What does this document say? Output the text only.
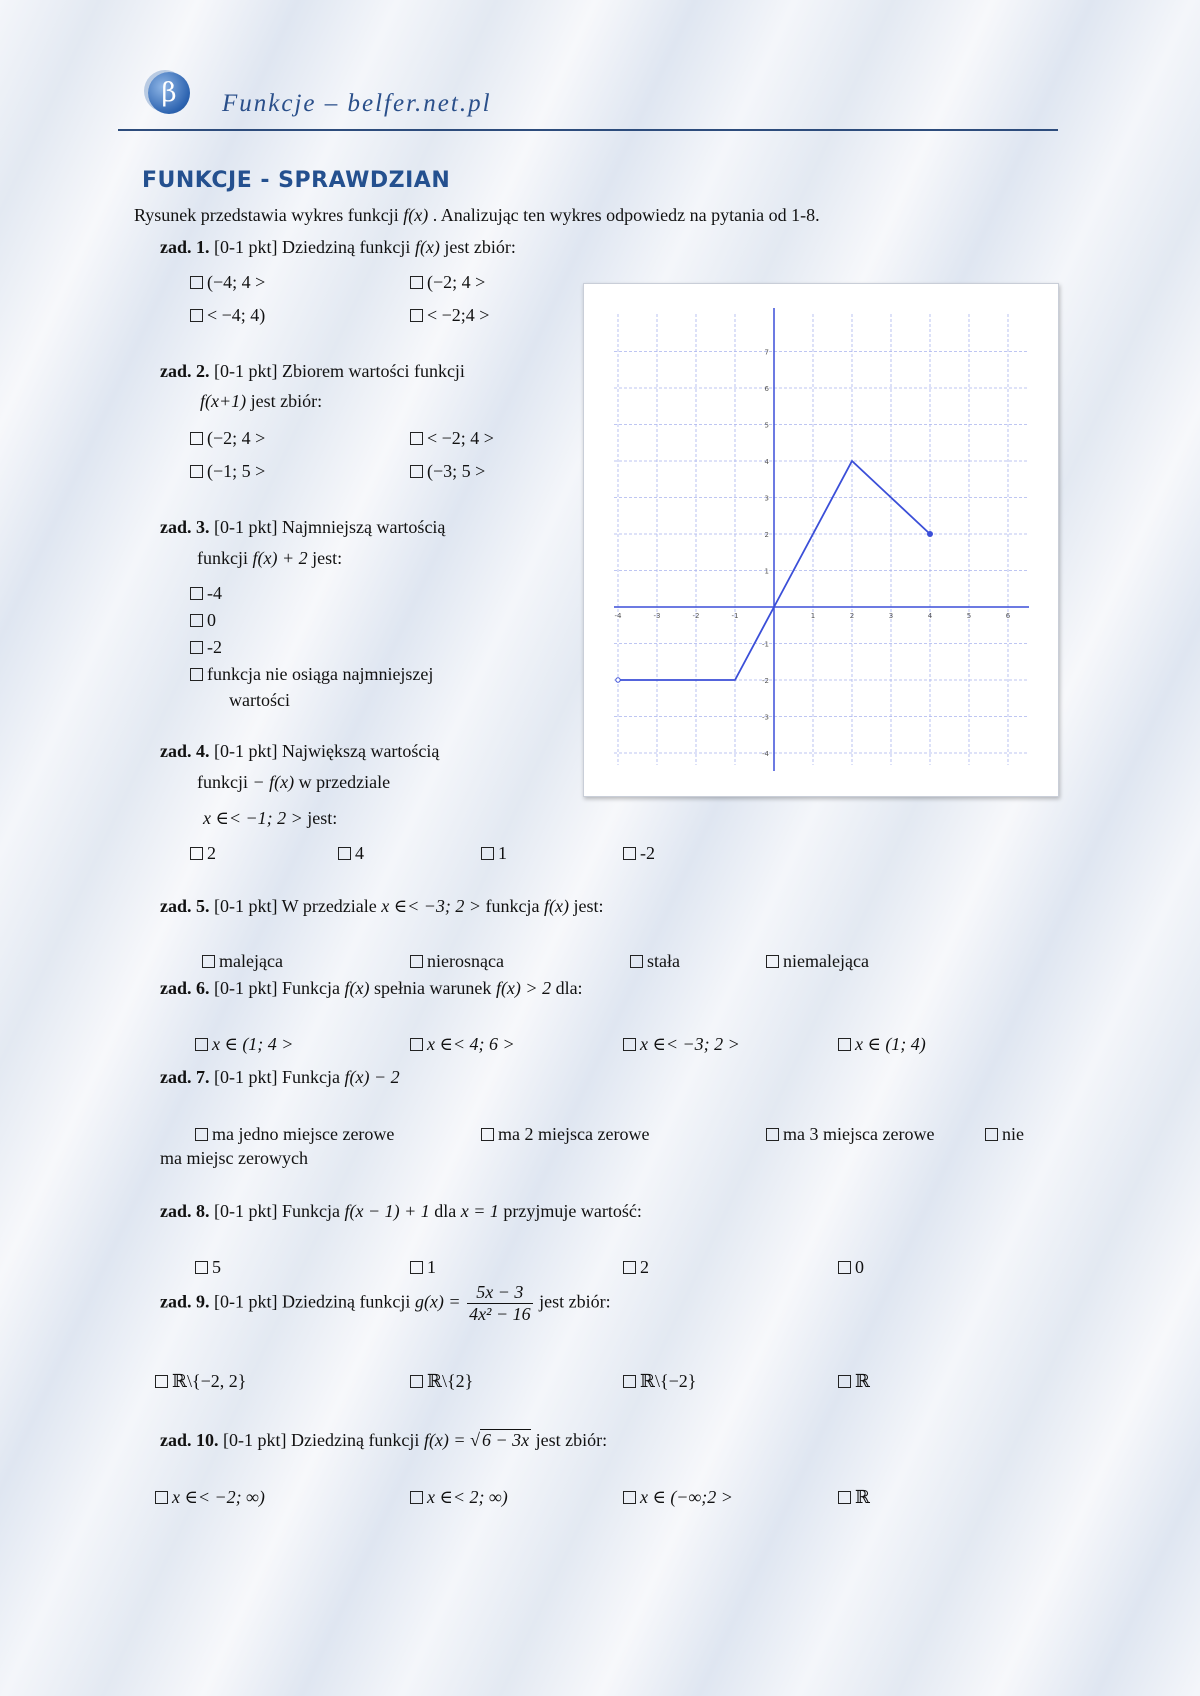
β	Funkcje – belfer.net.pl
FUNKCJE - SPRAWDZIAN
Rysunek przedstawia wykres funkcji f(x) . Analizując ten wykres odpowiedz na pytania od 1-8.
zad. 1. [0-1 pkt] Dziedziną funkcji f(x) jest zbiór:
(−4; 4 >	(−2; 4 >
< −4; 4)	< −2;4 >
zad. 2. [0-1 pkt] Zbiorem wartości funkcji
f(x+1) jest zbiór:
(−2; 4 >	< −2; 4 >
(−1; 5 >	(−3; 5 >
zad. 3. [0-1 pkt] Najmniejszą wartością
funkcji f(x) + 2 jest:
-4
0
-2
funkcja nie osiąga najmniejszej
wartości
zad. 4. [0-1 pkt] Największą wartością
funkcji − f(x) w przedziale
x ∈< −1; 2 > jest:
2	4	1	-2
zad. 5. [0-1 pkt] W przedziale x ∈< −3; 2 > funkcja f(x) jest:
malejąca	nierosnąca	stała	niemalejąca
zad. 6. [0-1 pkt] Funkcja f(x) spełnia warunek f(x) > 2 dla:
x ∈ (1; 4 >	x ∈< 4; 6 >	x ∈< −3; 2 >	x ∈ (1; 4)
zad. 7. [0-1 pkt] Funkcja f(x) − 2
ma jedno miejsce zerowe	ma 2 miejsca zerowe	ma 3 miejsca zerowe	nie
ma miejsc zerowych
zad. 8. [0-1 pkt] Funkcja f(x − 1) + 1 dla x = 1 przyjmuje wartość:
5	1	2	0
zad. 9. [0-1 pkt] Dziedziną funkcji $g(x) = \frac{5x - 3}{\text{4x² − 16}}$ jest zbiór:
ℝ\{−2, 2}	ℝ\{2}	ℝ\{−2}	ℝ
zad. 10. [0-1 pkt] Dziedziną funkcji f(x) = √ 6 − 3x jest zbiór:
x ∈< −2; ∞)	x ∈< 2; ∞)	x ∈ (−∞;2 >	ℝ
-4	-3	-2	-1	1	2	3	4	5	6
-4
-3
-2
-1
1
2
3
4
5
6
7
